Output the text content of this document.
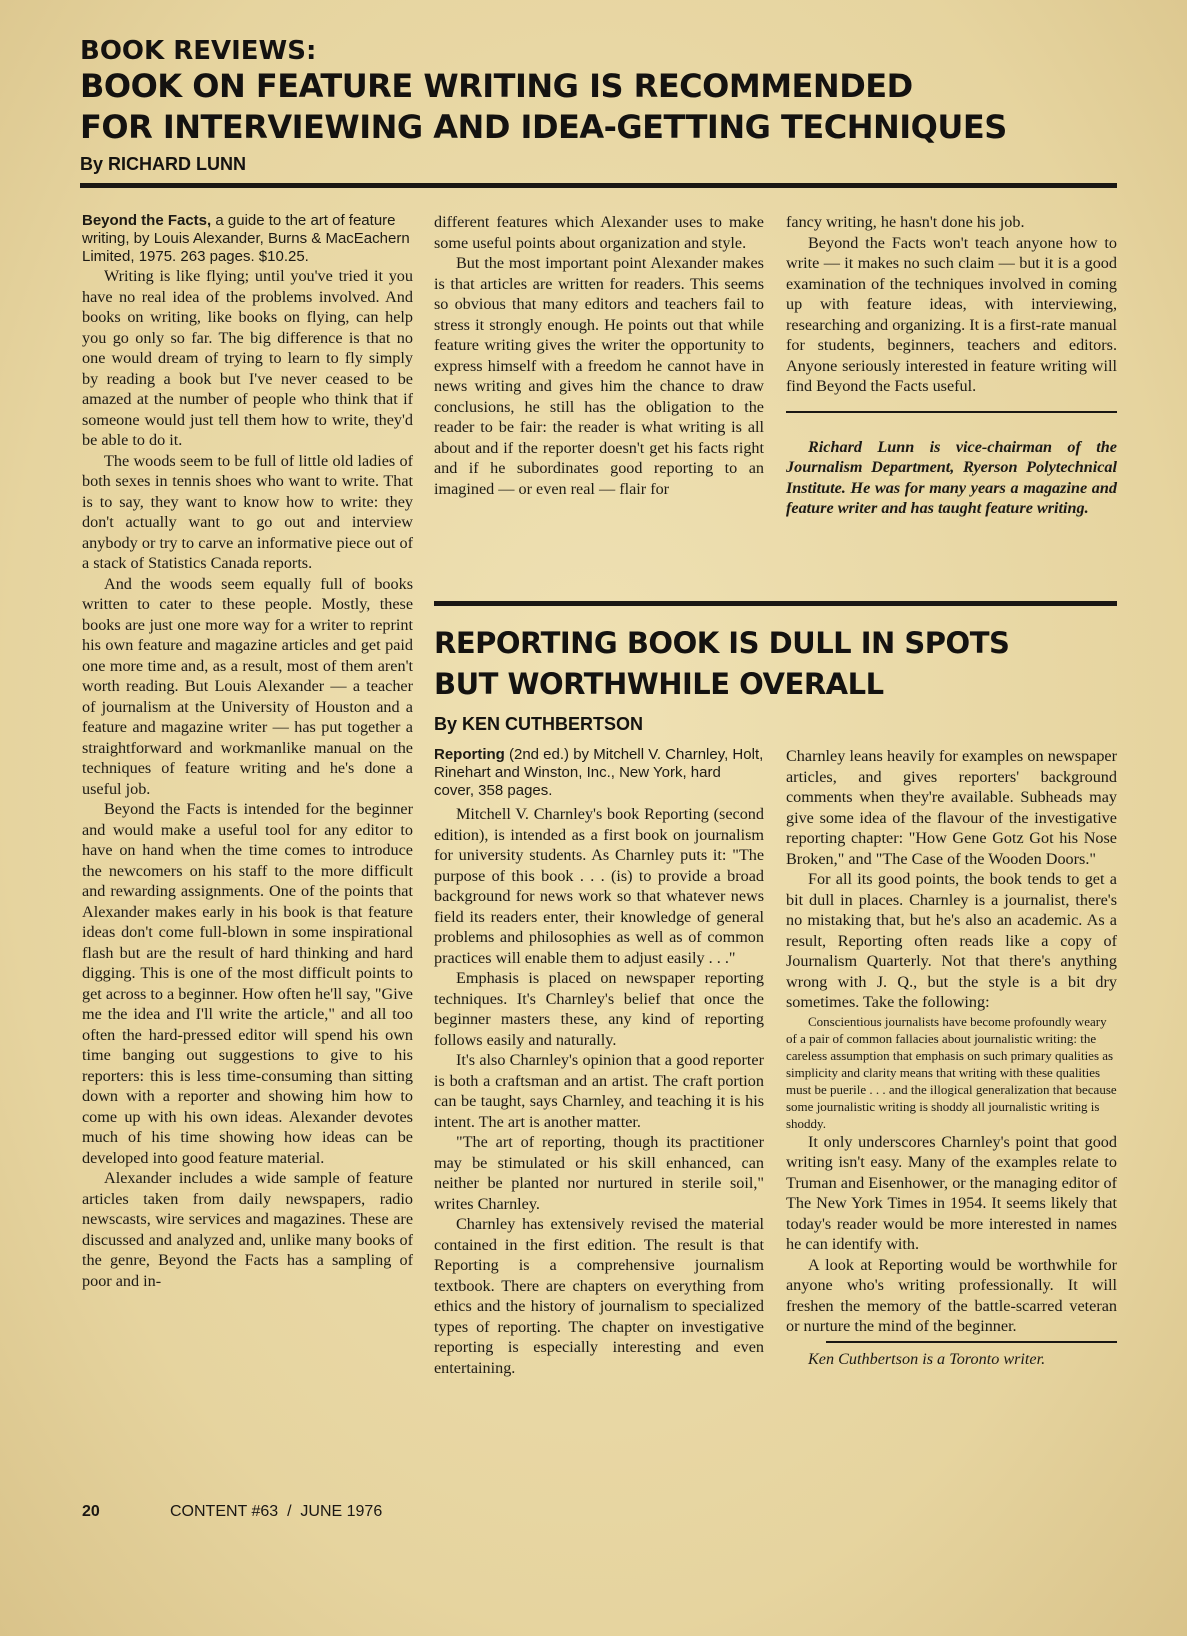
BOOK REVIEWS:
BOOK ON FEATURE WRITING IS RECOMMENDED
FOR INTERVIEWING AND IDEA-GETTING TECHNIQUES
By RICHARD LUNN

Beyond the Facts, a guide to the art of feature writing, by Louis Alexander, Burns & MacEachern Limited, 1975. 263 pages. $10.25.

Writing is like flying; until you've tried it you have no real idea of the problems involved. And books on writing, like books on flying, can help you go only so far. The big difference is that no one would dream of trying to learn to fly simply by reading a book but I've never ceased to be amazed at the number of people who think that if someone would just tell them how to write, they'd be able to do it.

The woods seem to be full of little old ladies of both sexes in tennis shoes who want to write. That is to say, they want to know how to write: they don't actually want to go out and interview anybody or try to carve an informative piece out of a stack of Statistics Canada reports.

And the woods seem equally full of books written to cater to these people. Mostly, these books are just one more way for a writer to reprint his own feature and magazine articles and get paid one more time and, as a result, most of them aren't worth reading. But Louis Alexander — a teacher of journalism at the University of Houston and a feature and magazine writer — has put together a straightforward and workmanlike manual on the techniques of feature writing and he's done a useful job.

Beyond the Facts is intended for the beginner and would make a useful tool for any editor to have on hand when the time comes to introduce the newcomers on his staff to the more difficult and rewarding assignments. One of the points that Alexander makes early in his book is that feature ideas don't come full-blown in some inspirational flash but are the result of hard thinking and hard digging. This is one of the most difficult points to get across to a beginner. How often he'll say, "Give me the idea and I'll write the article," and all too often the hard-pressed editor will spend his own time banging out suggestions to give to his reporters: this is less time-consuming than sitting down with a reporter and showing him how to come up with his own ideas. Alexander devotes much of his time showing how ideas can be developed into good feature material.

Alexander includes a wide sample of feature articles taken from daily newspapers, radio newscasts, wire services and magazines. These are discussed and analyzed and, unlike many books of the genre, Beyond the Facts has a sampling of poor and in-

different features which Alexander uses to make some useful points about organization and style.

But the most important point Alexander makes is that articles are written for readers. This seems so obvious that many editors and teachers fail to stress it strongly enough. He points out that while feature writing gives the writer the opportunity to express himself with a freedom he cannot have in news writing and gives him the chance to draw conclusions, he still has the obligation to the reader to be fair: the reader is what writing is all about and if the reporter doesn't get his facts right and if he subordinates good reporting to an imagined — or even real — flair for

fancy writing, he hasn't done his job.

Beyond the Facts won't teach anyone how to write — it makes no such claim — but it is a good examination of the techniques involved in coming up with feature ideas, with interviewing, researching and organizing. It is a first-rate manual for students, beginners, teachers and editors. Anyone seriously interested in feature writing will find Beyond the Facts useful.

Richard Lunn is vice-chairman of the Journalism Department, Ryerson Polytechnical Institute. He was for many years a magazine and feature writer and has taught feature writing.

REPORTING BOOK IS DULL IN SPOTS
BUT WORTHWHILE OVERALL
By KEN CUTHBERTSON

Reporting (2nd ed.) by Mitchell V. Charnley, Holt, Rinehart and Winston, Inc., New York, hard cover, 358 pages.

Mitchell V. Charnley's book Reporting (second edition), is intended as a first book on journalism for university students. As Charnley puts it: "The purpose of this book . . . (is) to provide a broad background for news work so that whatever news field its readers enter, their knowledge of general problems and philosophies as well as of common practices will enable them to adjust easily . . ."

Emphasis is placed on newspaper reporting techniques. It's Charnley's belief that once the beginner masters these, any kind of reporting follows easily and naturally.

It's also Charnley's opinion that a good reporter is both a craftsman and an artist. The craft portion can be taught, says Charnley, and teaching it is his intent. The art is another matter.

"The art of reporting, though its practitioner may be stimulated or his skill enhanced, can neither be planted nor nurtured in sterile soil," writes Charnley.

Charnley has extensively revised the material contained in the first edition. The result is that Reporting is a comprehensive journalism textbook. There are chapters on everything from ethics and the history of journalism to specialized types of reporting. The chapter on investigative reporting is especially interesting and even entertaining.

Charnley leans heavily for examples on newspaper articles, and gives reporters' background comments when they're available. Subheads may give some idea of the flavour of the investigative reporting chapter: "How Gene Gotz Got his Nose Broken," and "The Case of the Wooden Doors."

For all its good points, the book tends to get a bit dull in places. Charnley is a journalist, there's no mistaking that, but he's also an academic. As a result, Reporting often reads like a copy of Journalism Quarterly. Not that there's anything wrong with J. Q., but the style is a bit dry sometimes. Take the following:

Conscientious journalists have become profoundly weary of a pair of common fallacies about journalistic writing: the careless assumption that emphasis on such primary qualities as simplicity and clarity means that writing with these qualities must be puerile . . . and the illogical generalization that because some journalistic writing is shoddy all journalistic writing is shoddy.

It only underscores Charnley's point that good writing isn't easy. Many of the examples relate to Truman and Eisenhower, or the managing editor of The New York Times in 1954. It seems likely that today's reader would be more interested in names he can identify with.

A look at Reporting would be worthwhile for anyone who's writing professionally. It will freshen the memory of the battle-scarred veteran or nurture the mind of the beginner.

Ken Cuthbertson is a Toronto writer.

20	CONTENT #63  /  JUNE 1976
